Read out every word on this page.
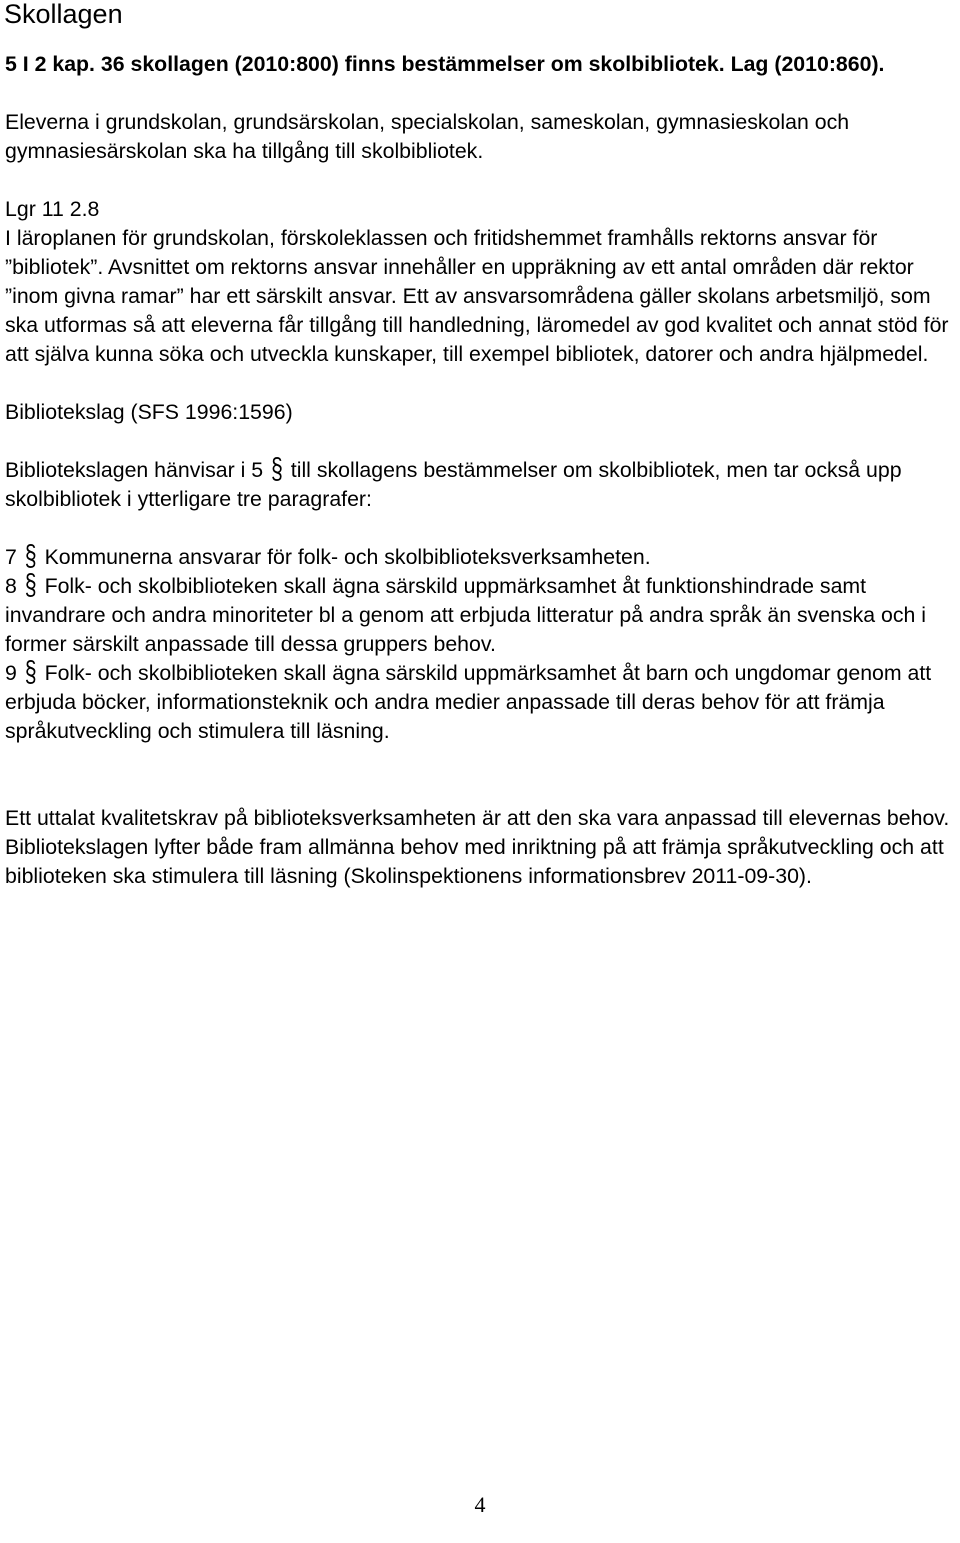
Skollagen

5 I 2 kap. 36 skollagen (2010:800) finns bestämmelser om skolbibliotek. Lag (2010:860).

Eleverna i grundskolan, grundsärskolan, specialskolan, sameskolan, gymnasieskolan och gymnasiesärskolan ska ha tillgång till skolbibliotek.

Lgr 11 2.8

I läroplanen för grundskolan, förskoleklassen och fritidshemmet framhålls rektorns ansvar för ”bibliotek”. Avsnittet om rektorns ansvar innehåller en uppräkning av ett antal områden där rektor ”inom givna ramar” har ett särskilt ansvar. Ett av ansvarsområdena gäller skolans arbetsmiljö, som ska utformas så att eleverna får tillgång till handledning, läromedel av god kvalitet och annat stöd för att själva kunna söka och utveckla kunskaper, till exempel bibliotek, datorer och andra hjälpmedel.

Bibliotekslag (SFS 1996:1596)

Bibliotekslagen hänvisar i 5 § till skollagens bestämmelser om skolbibliotek, men tar också upp skolbibliotek i ytterligare tre paragrafer:

7 § Kommunerna ansvarar för folk- och skolbiblioteksverksamheten.

8 § Folk- och skolbiblioteken skall ägna särskild uppmärksamhet åt funktionshindrade samt invandrare och andra minoriteter bl a genom att erbjuda litteratur på andra språk än svenska och i former särskilt anpassade till dessa gruppers behov.

9 § Folk- och skolbiblioteken skall ägna särskild uppmärksamhet åt barn och ungdomar genom att erbjuda böcker, informationsteknik och andra medier anpassade till deras behov för att främja språkutveckling och stimulera till läsning.

Ett uttalat kvalitetskrav på biblioteksverksamheten är att den ska vara anpassad till elevernas behov. Bibliotekslagen lyfter både fram allmänna behov med inriktning på att främja språkutveckling och att biblioteken ska stimulera till läsning (Skolinspektionens informationsbrev 2011-09-30).

4
